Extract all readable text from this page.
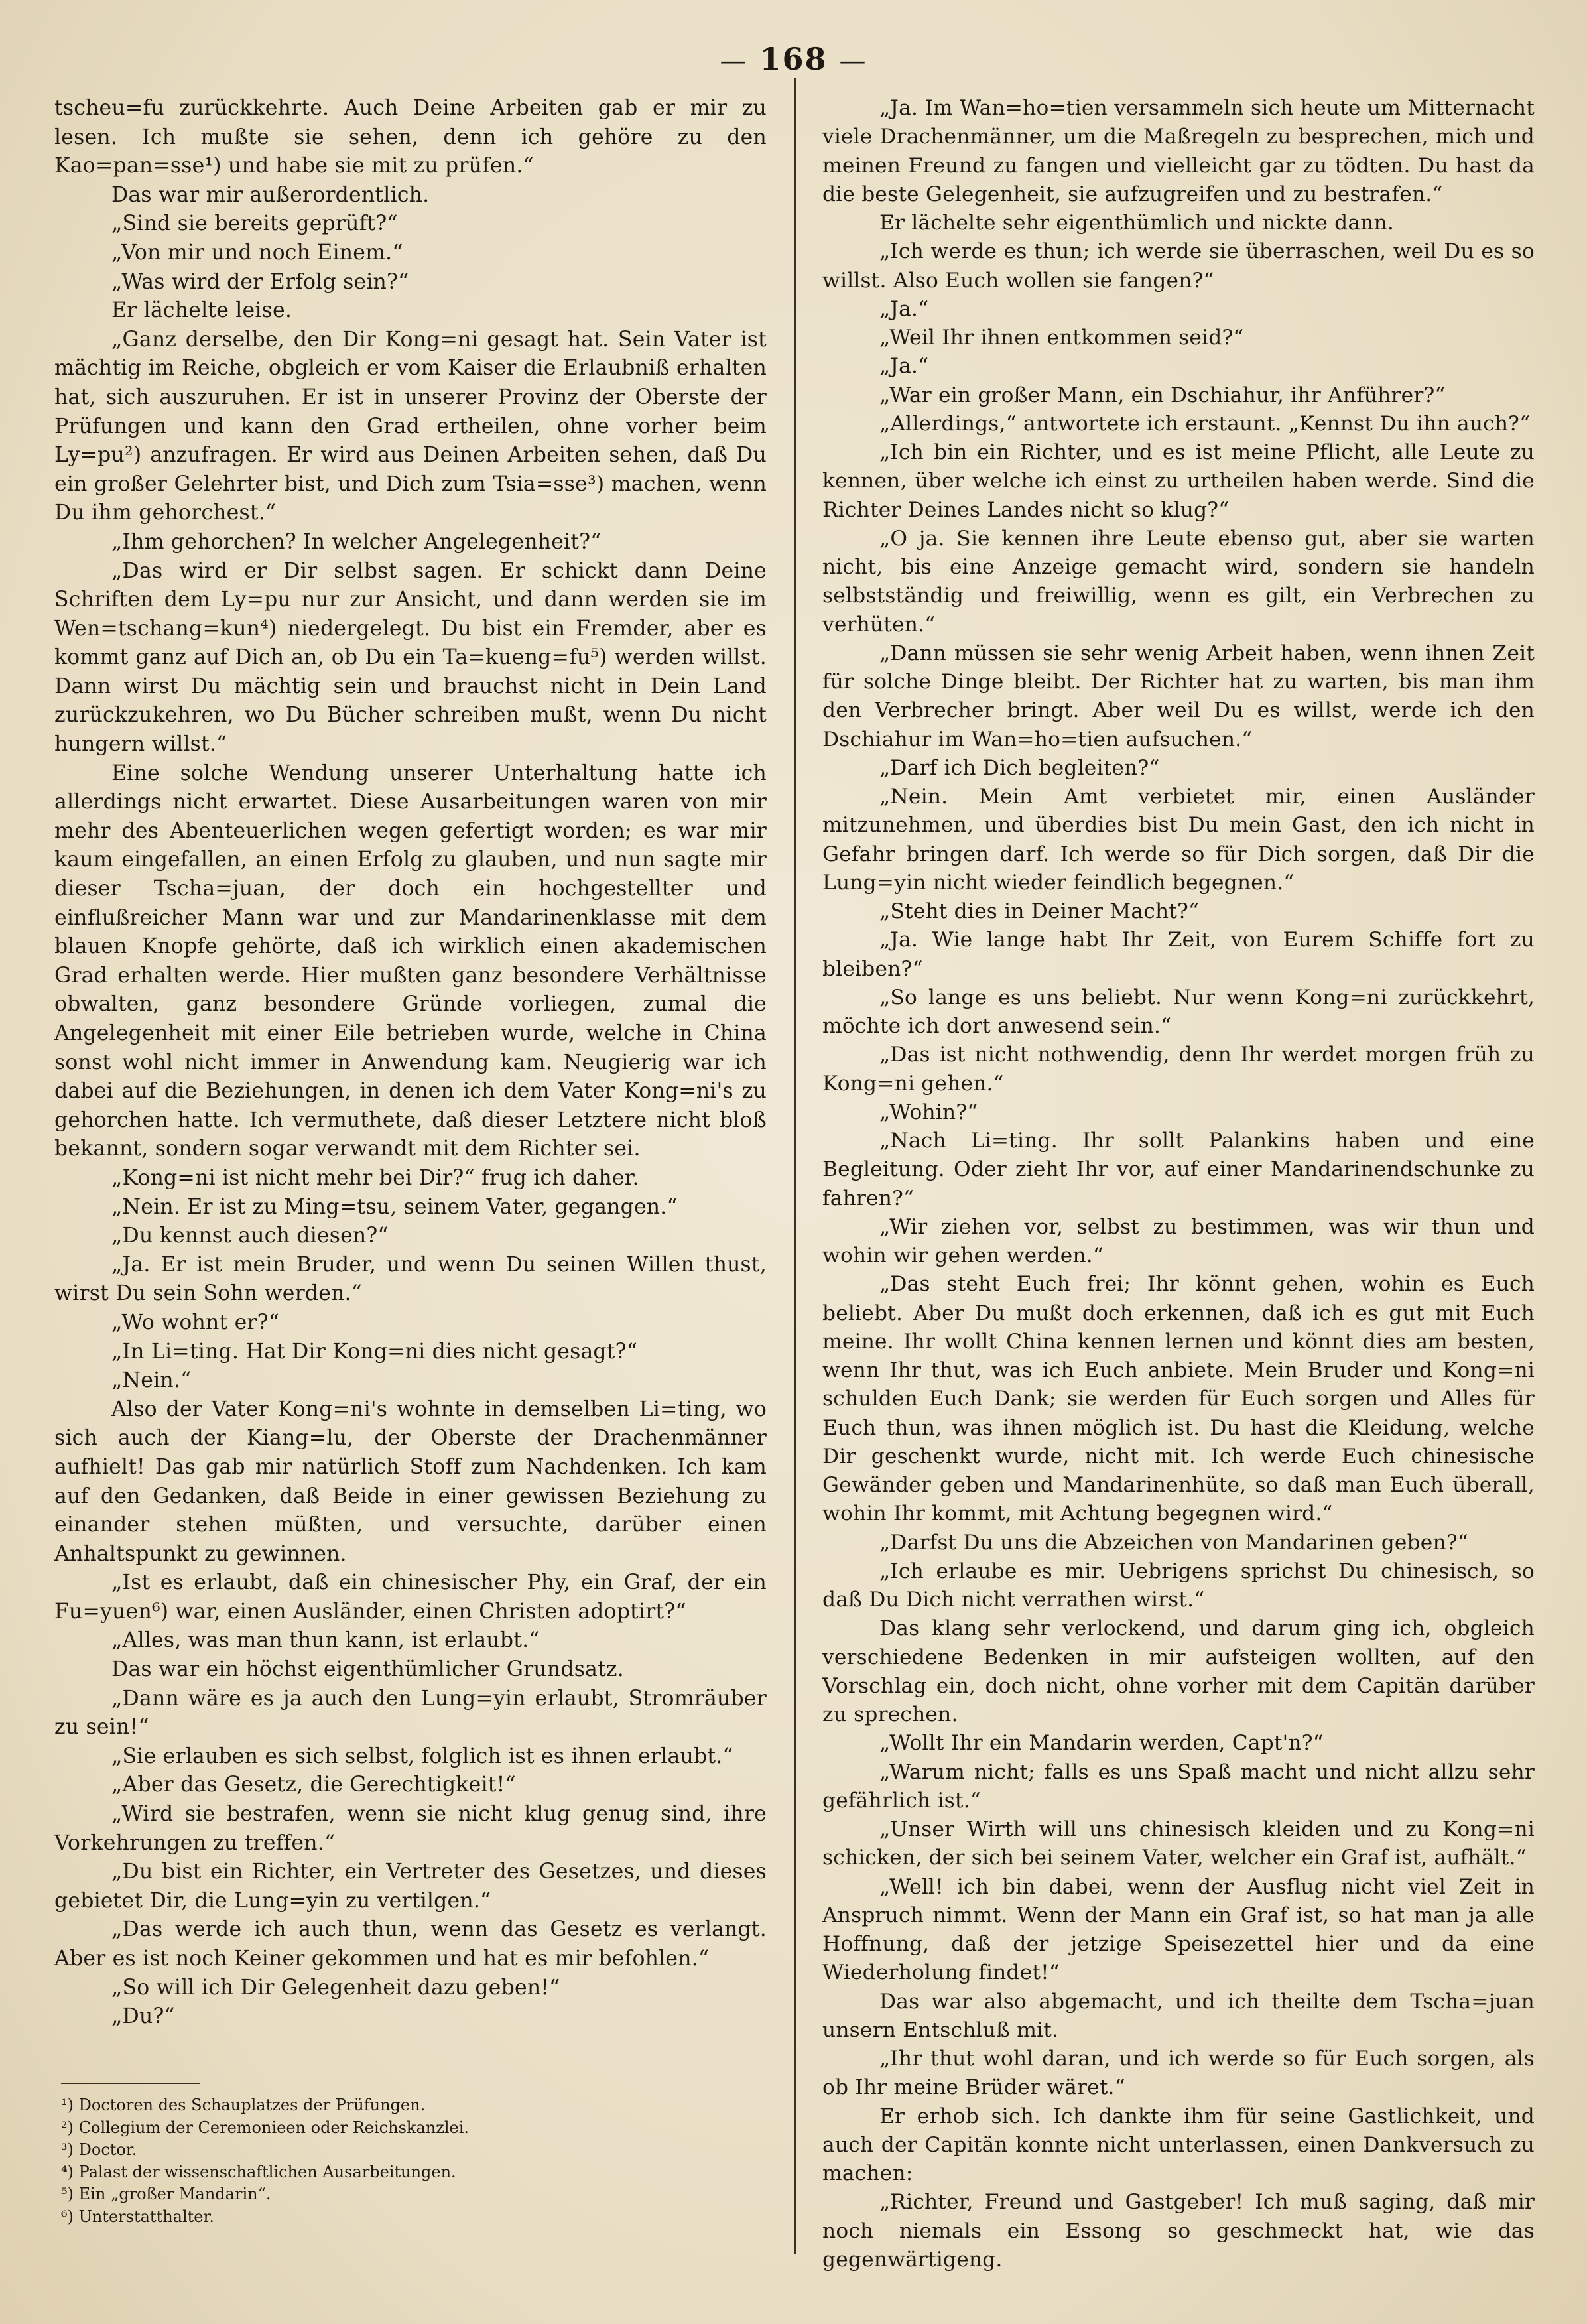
— 168 —

tscheu=fu zurückkehrte. Auch Deine Arbeiten gab er mir zu lesen. Ich mußte sie sehen, denn ich gehöre zu den Kao=pan=sse¹) und habe sie mit zu prüfen.“

Das war mir außerordentlich.

„Sind sie bereits geprüft?“

„Von mir und noch Einem.“

„Was wird der Erfolg sein?“

Er lächelte leise.

„Ganz derselbe, den Dir Kong=ni gesagt hat. Sein Vater ist mächtig im Reiche, obgleich er vom Kaiser die Erlaubniß erhalten hat, sich auszuruhen. Er ist in unserer Provinz der Oberste der Prüfungen und kann den Grad ertheilen, ohne vorher beim Ly=pu²) anzufragen. Er wird aus Deinen Arbeiten sehen, daß Du ein großer Gelehrter bist, und Dich zum Tsia=sse³) machen, wenn Du ihm gehorchest.“

„Ihm gehorchen? In welcher Angelegenheit?“

„Das wird er Dir selbst sagen. Er schickt dann Deine Schriften dem Ly=pu nur zur Ansicht, und dann werden sie im Wen=tschang=kun⁴) niedergelegt. Du bist ein Fremder, aber es kommt ganz auf Dich an, ob Du ein Ta=kueng=fu⁵) werden willst. Dann wirst Du mächtig sein und brauchst nicht in Dein Land zurückzukehren, wo Du Bücher schreiben mußt, wenn Du nicht hungern willst.“

Eine solche Wendung unserer Unterhaltung hatte ich allerdings nicht erwartet. Diese Ausarbeitungen waren von mir mehr des Abenteuerlichen wegen gefertigt worden; es war mir kaum eingefallen, an einen Erfolg zu glauben, und nun sagte mir dieser Tscha=juan, der doch ein hochgestellter und einflußreicher Mann war und zur Mandarinenklasse mit dem blauen Knopfe gehörte, daß ich wirklich einen akademischen Grad erhalten werde. Hier mußten ganz besondere Verhältnisse obwalten, ganz besondere Gründe vorliegen, zumal die Angelegenheit mit einer Eile betrieben wurde, welche in China sonst wohl nicht immer in Anwendung kam. Neugierig war ich dabei auf die Beziehungen, in denen ich dem Vater Kong=ni's zu gehorchen hatte. Ich vermuthete, daß dieser Letztere nicht bloß bekannt, sondern sogar verwandt mit dem Richter sei.

„Kong=ni ist nicht mehr bei Dir?“ frug ich daher.

„Nein. Er ist zu Ming=tsu, seinem Vater, gegangen.“

„Du kennst auch diesen?“

„Ja. Er ist mein Bruder, und wenn Du seinen Willen thust, wirst Du sein Sohn werden.“

„Wo wohnt er?“

„In Li=ting. Hat Dir Kong=ni dies nicht gesagt?“

„Nein.“

Also der Vater Kong=ni's wohnte in demselben Li=ting, wo sich auch der Kiang=lu, der Oberste der Drachenmänner aufhielt! Das gab mir natürlich Stoff zum Nachdenken. Ich kam auf den Gedanken, daß Beide in einer gewissen Beziehung zu einander stehen müßten, und versuchte, darüber einen Anhaltspunkt zu gewinnen.

„Ist es erlaubt, daß ein chinesischer Phy, ein Graf, der ein Fu=yuen⁶) war, einen Ausländer, einen Christen adoptirt?“

„Alles, was man thun kann, ist erlaubt.“

Das war ein höchst eigenthümlicher Grundsatz.

„Dann wäre es ja auch den Lung=yin erlaubt, Stromräuber zu sein!“

„Sie erlauben es sich selbst, folglich ist es ihnen erlaubt.“

„Aber das Gesetz, die Gerechtigkeit!“

„Wird sie bestrafen, wenn sie nicht klug genug sind, ihre Vorkehrungen zu treffen.“

„Du bist ein Richter, ein Vertreter des Gesetzes, und dieses gebietet Dir, die Lung=yin zu vertilgen.“

„Das werde ich auch thun, wenn das Gesetz es verlangt. Aber es ist noch Keiner gekommen und hat es mir befohlen.“

„So will ich Dir Gelegenheit dazu geben!“

„Du?“

„Ja. Im Wan=ho=tien versammeln sich heute um Mitternacht viele Drachenmänner, um die Maßregeln zu besprechen, mich und meinen Freund zu fangen und vielleicht gar zu tödten. Du hast da die beste Gelegenheit, sie aufzugreifen und zu bestrafen.“

Er lächelte sehr eigenthümlich und nickte dann.

„Ich werde es thun; ich werde sie überraschen, weil Du es so willst. Also Euch wollen sie fangen?“

„Ja.“

„Weil Ihr ihnen entkommen seid?“

„Ja.“

„War ein großer Mann, ein Dschiahur, ihr Anführer?“

„Allerdings,“ antwortete ich erstaunt. „Kennst Du ihn auch?“

„Ich bin ein Richter, und es ist meine Pflicht, alle Leute zu kennen, über welche ich einst zu urtheilen haben werde. Sind die Richter Deines Landes nicht so klug?“

„O ja. Sie kennen ihre Leute ebenso gut, aber sie warten nicht, bis eine Anzeige gemacht wird, sondern sie handeln selbstständig und freiwillig, wenn es gilt, ein Verbrechen zu verhüten.“

„Dann müssen sie sehr wenig Arbeit haben, wenn ihnen Zeit für solche Dinge bleibt. Der Richter hat zu warten, bis man ihm den Verbrecher bringt. Aber weil Du es willst, werde ich den Dschiahur im Wan=ho=tien aufsuchen.“

„Darf ich Dich begleiten?“

„Nein. Mein Amt verbietet mir, einen Ausländer mitzunehmen, und überdies bist Du mein Gast, den ich nicht in Gefahr bringen darf. Ich werde so für Dich sorgen, daß Dir die Lung=yin nicht wieder feindlich begegnen.“

„Steht dies in Deiner Macht?“

„Ja. Wie lange habt Ihr Zeit, von Eurem Schiffe fort zu bleiben?“

„So lange es uns beliebt. Nur wenn Kong=ni zurückkehrt, möchte ich dort anwesend sein.“

„Das ist nicht nothwendig, denn Ihr werdet morgen früh zu Kong=ni gehen.“

„Wohin?“

„Nach Li=ting. Ihr sollt Palankins haben und eine Begleitung. Oder zieht Ihr vor, auf einer Mandarinendschunke zu fahren?“

„Wir ziehen vor, selbst zu bestimmen, was wir thun und wohin wir gehen werden.“

„Das steht Euch frei; Ihr könnt gehen, wohin es Euch beliebt. Aber Du mußt doch erkennen, daß ich es gut mit Euch meine. Ihr wollt China kennen lernen und könnt dies am besten, wenn Ihr thut, was ich Euch anbiete. Mein Bruder und Kong=ni schulden Euch Dank; sie werden für Euch sorgen und Alles für Euch thun, was ihnen möglich ist. Du hast die Kleidung, welche Dir geschenkt wurde, nicht mit. Ich werde Euch chinesische Gewänder geben und Mandarinenhüte, so daß man Euch überall, wohin Ihr kommt, mit Achtung begegnen wird.“

„Darfst Du uns die Abzeichen von Mandarinen geben?“

„Ich erlaube es mir. Uebrigens sprichst Du chinesisch, so daß Du Dich nicht verrathen wirst.“

Das klang sehr verlockend, und darum ging ich, obgleich verschiedene Bedenken in mir aufsteigen wollten, auf den Vorschlag ein, doch nicht, ohne vorher mit dem Capitän darüber zu sprechen.

„Wollt Ihr ein Mandarin werden, Capt'n?“

„Warum nicht; falls es uns Spaß macht und nicht allzu sehr gefährlich ist.“

„Unser Wirth will uns chinesisch kleiden und zu Kong=ni schicken, der sich bei seinem Vater, welcher ein Graf ist, aufhält.“

„Well! ich bin dabei, wenn der Ausflug nicht viel Zeit in Anspruch nimmt. Wenn der Mann ein Graf ist, so hat man ja alle Hoffnung, daß der jetzige Speisezettel hier und da eine Wiederholung findet!“

Das war also abgemacht, und ich theilte dem Tscha=juan unsern Entschluß mit.

„Ihr thut wohl daran, und ich werde so für Euch sorgen, als ob Ihr meine Brüder wäret.“

Er erhob sich. Ich dankte ihm für seine Gastlichkeit, und auch der Capitän konnte nicht unterlassen, einen Dankversuch zu machen:

„Richter, Freund und Gastgeber! Ich muß saging, daß mir noch niemals ein Essong so geschmeckt hat, wie das gegenwärtigeng.

¹) Doctoren des Schauplatzes der Prüfungen.
²) Collegium der Ceremonieen oder Reichskanzlei.
³) Doctor.
⁴) Palast der wissenschaftlichen Ausarbeitungen.
⁵) Ein „großer Mandarin“.
⁶) Unterstatthalter.
